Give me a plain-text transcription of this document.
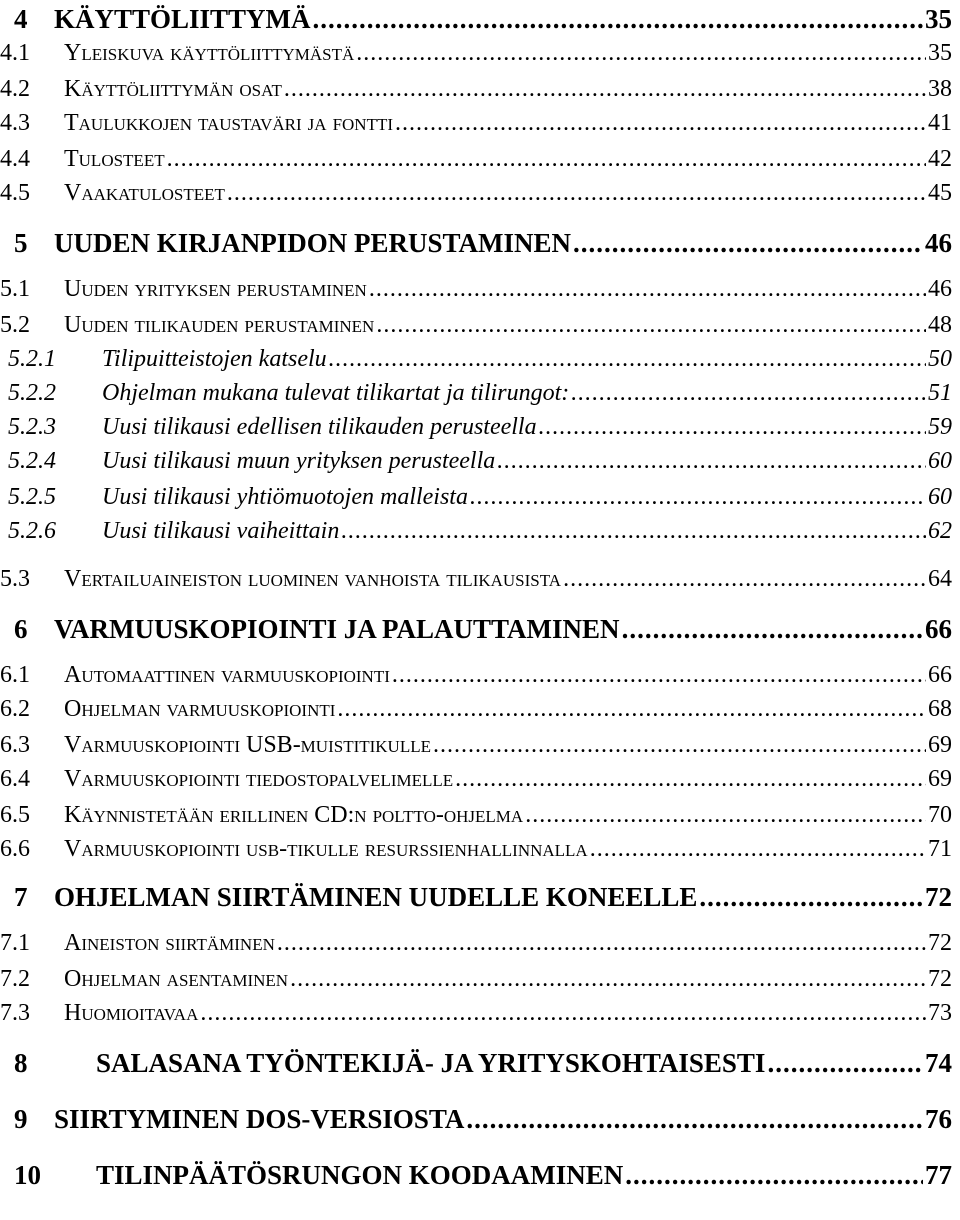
4 KÄYTTÖLIITTYMÄ .....	35
4.1	Yleiskuva käyttöliittymästä .....	35
4.2	Käyttöliittymän osat .....	38
4.3	Taulukkojen taustaväri ja fontti .....	41
4.4	Tulosteet .....	42
4.5	Vaakatulosteet .....	45
5 UUDEN KIRJANPIDON PERUSTAMINEN .....	46
5.1	Uuden yrityksen perustaminen .....	46
5.2	Uuden tilikauden perustaminen .....	48
5.2.1	Tilipuitteistojen katselu .....	50
5.2.2	Ohjelman mukana tulevat tilikartat ja tilirungot: .....	51
5.2.3	Uusi tilikausi edellisen tilikauden perusteella .....	59
5.2.4	Uusi tilikausi muun yrityksen perusteella .....	60
5.2.5	Uusi tilikausi yhtiömuotojen malleista .....	60
5.2.6	Uusi tilikausi vaiheittain .....	62
5.3	Vertailuaineiston luominen vanhoista tilikausista .....	64
6 VARMUUSKOPIOINTI JA PALAUTTAMINEN .....	66
6.1	Automaattinen varmuuskopiointi .....	66
6.2	Ohjelman varmuuskopiointi .....	68
6.3	Varmuuskopiointi USB-muistitikulle .....	69
6.4	Varmuuskopiointi tiedostopalvelimelle .....	69
6.5	Käynnistetään erillinen CD:n poltto-ohjelma .....	70
6.6	Varmuuskopiointi usb-tikulle resurssienhallinnalla .....	71
7 OHJELMAN SIIRTÄMINEN UUDELLE KONEELLE .....	72
7.1	Aineiston siirtäminen .....	72
7.2	Ohjelman asentaminen .....	72
7.3	Huomioitavaa .....	73
8	SALASANA TYÖNTEKIJÄ- JA YRITYSKOHTAISESTI .....	74
9 SIIRTYMINEN DOS-VERSIOSTA .....	76
10	TILINPÄÄTÖSRUNGON KOODAAMINEN .....	77
